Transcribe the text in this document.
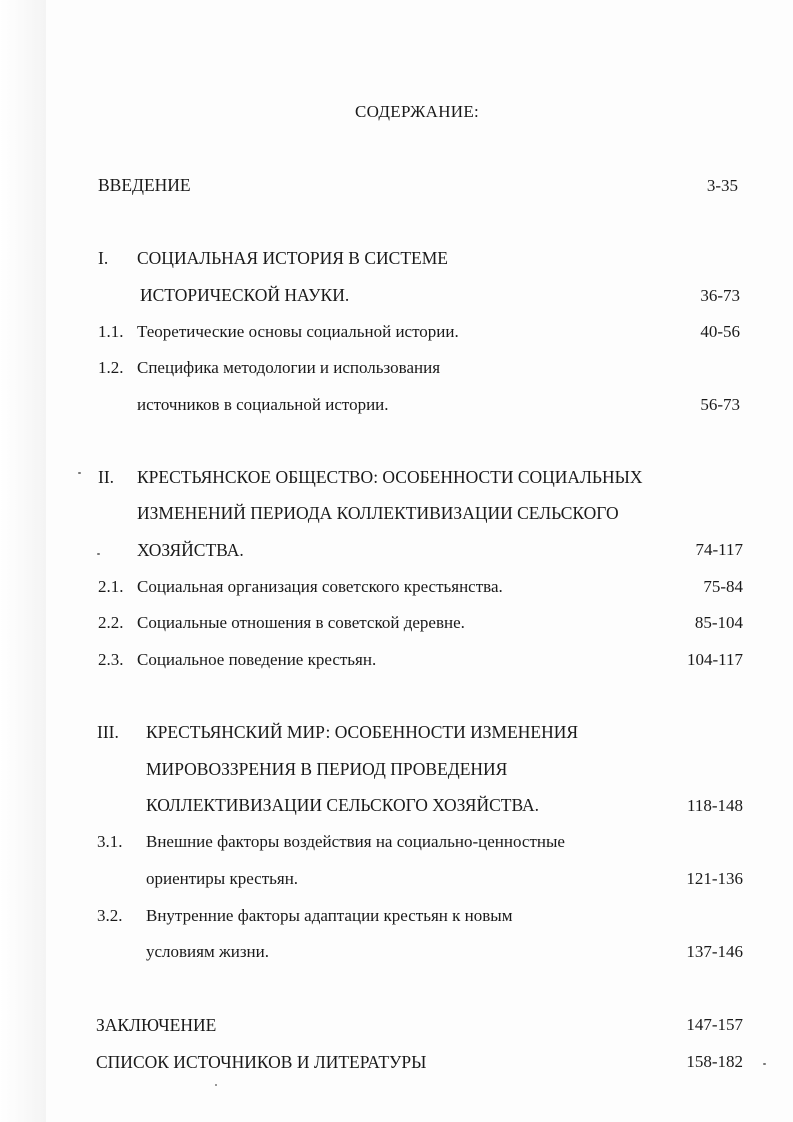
СОДЕРЖАНИЕ:
ВВЕДЕНИЕ	3-35
I. СОЦИАЛЬНАЯ ИСТОРИЯ В СИСТЕМЕ
ИСТОРИЧЕСКОЙ НАУКИ.	36-73
1.1. Теоретические основы социальной истории.	40-56
1.2. Специфика методологии и использования
источников в социальной истории.	56-73
II. КРЕСТЬЯНСКОЕ ОБЩЕСТВО: ОСОБЕННОСТИ СОЦИАЛЬНЫХ
ИЗМЕНЕНИЙ ПЕРИОДА КОЛЛЕКТИВИЗАЦИИ СЕЛЬСКОГО
ХОЗЯЙСТВА.	74-117
2.1. Социальная организация советского крестьянства.	75-84
2.2. Социальные отношения в советской деревне.	85-104
2.3. Социальное поведение крестьян.	104-117
III. КРЕСТЬЯНСКИЙ МИР: ОСОБЕННОСТИ ИЗМЕНЕНИЯ
МИРОВОЗЗРЕНИЯ В ПЕРИОД ПРОВЕДЕНИЯ
КОЛЛЕКТИВИЗАЦИИ СЕЛЬСКОГО ХОЗЯЙСТВА.	118-148
3.1. Внешние факторы воздействия на социально-ценностные
ориентиры крестьян.	121-136
3.2. Внутренние факторы адаптации крестьян к новым
условиям жизни.	137-146
ЗАКЛЮЧЕНИЕ	147-157
СПИСОК ИСТОЧНИКОВ И ЛИТЕРАТУРЫ	158-182
